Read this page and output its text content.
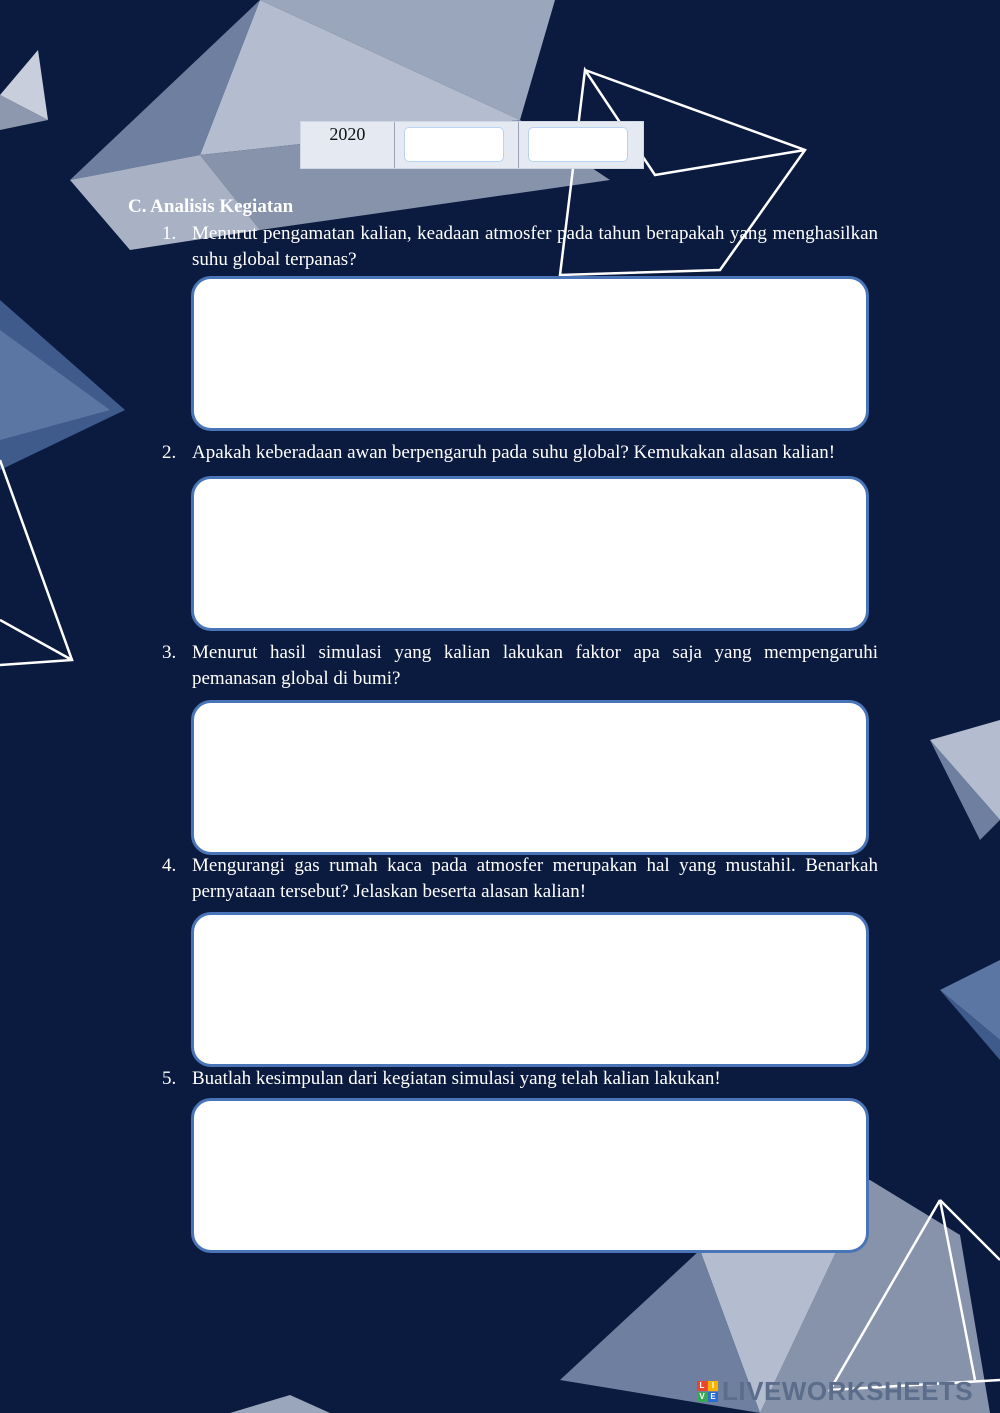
2020
C. Analisis Kegiatan
1. Menurut pengamatan kalian, keadaan atmosfer pada tahun berapakah yang menghasilkan suhu global terpanas?
2. Apakah keberadaan awan berpengaruh pada suhu global? Kemukakan alasan kalian!
3. Menurut hasil simulasi yang kalian lakukan faktor apa saja yang mempengaruhi pemanasan global di bumi?
4. Mengurangi gas rumah kaca pada atmosfer merupakan hal yang mustahil. Benarkah pernyataan tersebut? Jelaskan beserta alasan kalian!
5. Buatlah kesimpulan dari kegiatan simulasi yang telah kalian lakukan!
L I
V E LIVEWORKSHEETS
